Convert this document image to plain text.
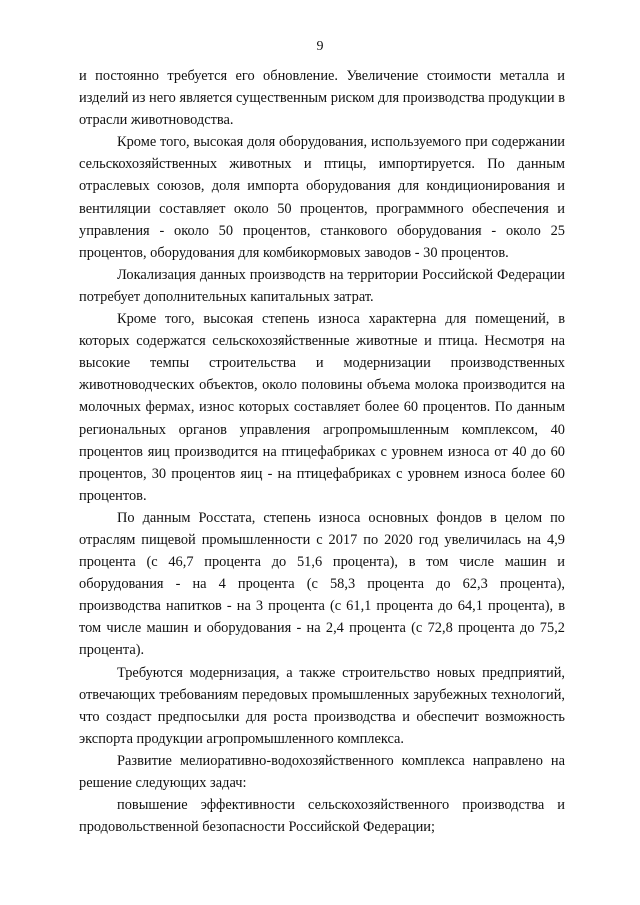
9

и постоянно требуется его обновление. Увеличение стоимости металла и изделий из него является существенным риском для производства продукции в отрасли животноводства.

Кроме того, высокая доля оборудования, используемого при содержании сельскохозяйственных животных и птицы, импортируется. По данным отраслевых союзов, доля импорта оборудования для кондиционирования и вентиляции составляет около 50 процентов, программного обеспечения и управления - около 50 процентов, станкового оборудования - около 25 процентов, оборудования для комбикормовых заводов - 30 процентов.

Локализация данных производств на территории Российской Федерации потребует дополнительных капитальных затрат.

Кроме того, высокая степень износа характерна для помещений, в которых содержатся сельскохозяйственные животные и птица. Несмотря на высокие темпы строительства и модернизации производственных животноводческих объектов, около половины объема молока производится на молочных фермах, износ которых составляет более 60 процентов. По данным региональных органов управления агропромышленным комплексом, 40 процентов яиц производится на птицефабриках с уровнем износа от 40 до 60 процентов, 30 процентов яиц - на птицефабриках с уровнем износа более 60 процентов.

По данным Росстата, степень износа основных фондов в целом по отраслям пищевой промышленности с 2017 по 2020 год увеличилась на 4,9 процента (с 46,7 процента до 51,6 процента), в том числе машин и оборудования - на 4 процента (с 58,3 процента до 62,3 процента), производства напитков - на 3 процента (с 61,1 процента до 64,1 процента), в том числе машин и оборудования - на 2,4 процента (с 72,8 процента до 75,2 процента).

Требуются модернизация, а также строительство новых предприятий, отвечающих требованиям передовых промышленных зарубежных технологий, что создаст предпосылки для роста производства и обеспечит возможность экспорта продукции агропромышленного комплекса.

Развитие мелиоративно-водохозяйственного комплекса направлено на решение следующих задач:

повышение эффективности сельскохозяйственного производства и продовольственной безопасности Российской Федерации;
